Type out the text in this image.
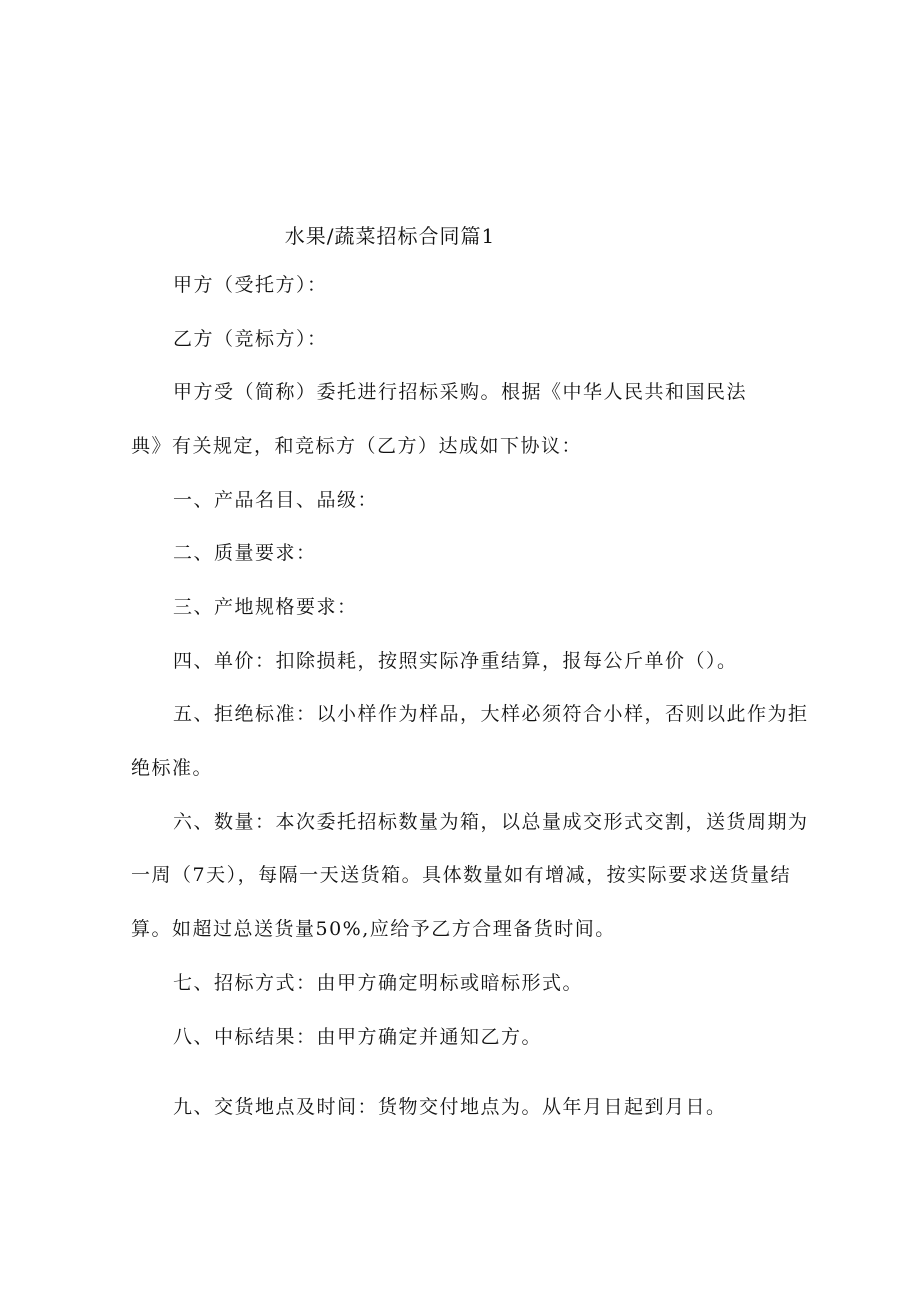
水果/蔬菜招标合同篇1
甲方（受托方）：
乙方（竞标方）：
甲方受（简称）委托进行招标采购。根据《中华人民共和国民法
典》有关规定，和竞标方（乙方）达成如下协议：
一、产品名目、品级：
二、质量要求：
三、产地规格要求：
四、单价：扣除损耗，按照实际净重结算，报每公斤单价（）。
五、拒绝标准：以小样作为样品，大样必须符合小样，否则以此作为拒
绝标准。
六、数量：本次委托招标数量为箱，以总量成交形式交割，送货周期为
一周（7天），每隔一天送货箱。具体数量如有增减，按实际要求送货量结
算。如超过总送货量50%,应给予乙方合理备货时间。
七、招标方式：由甲方确定明标或暗标形式。
八、中标结果：由甲方确定并通知乙方。
九、交货地点及时间：货物交付地点为。从年月日起到月日。
